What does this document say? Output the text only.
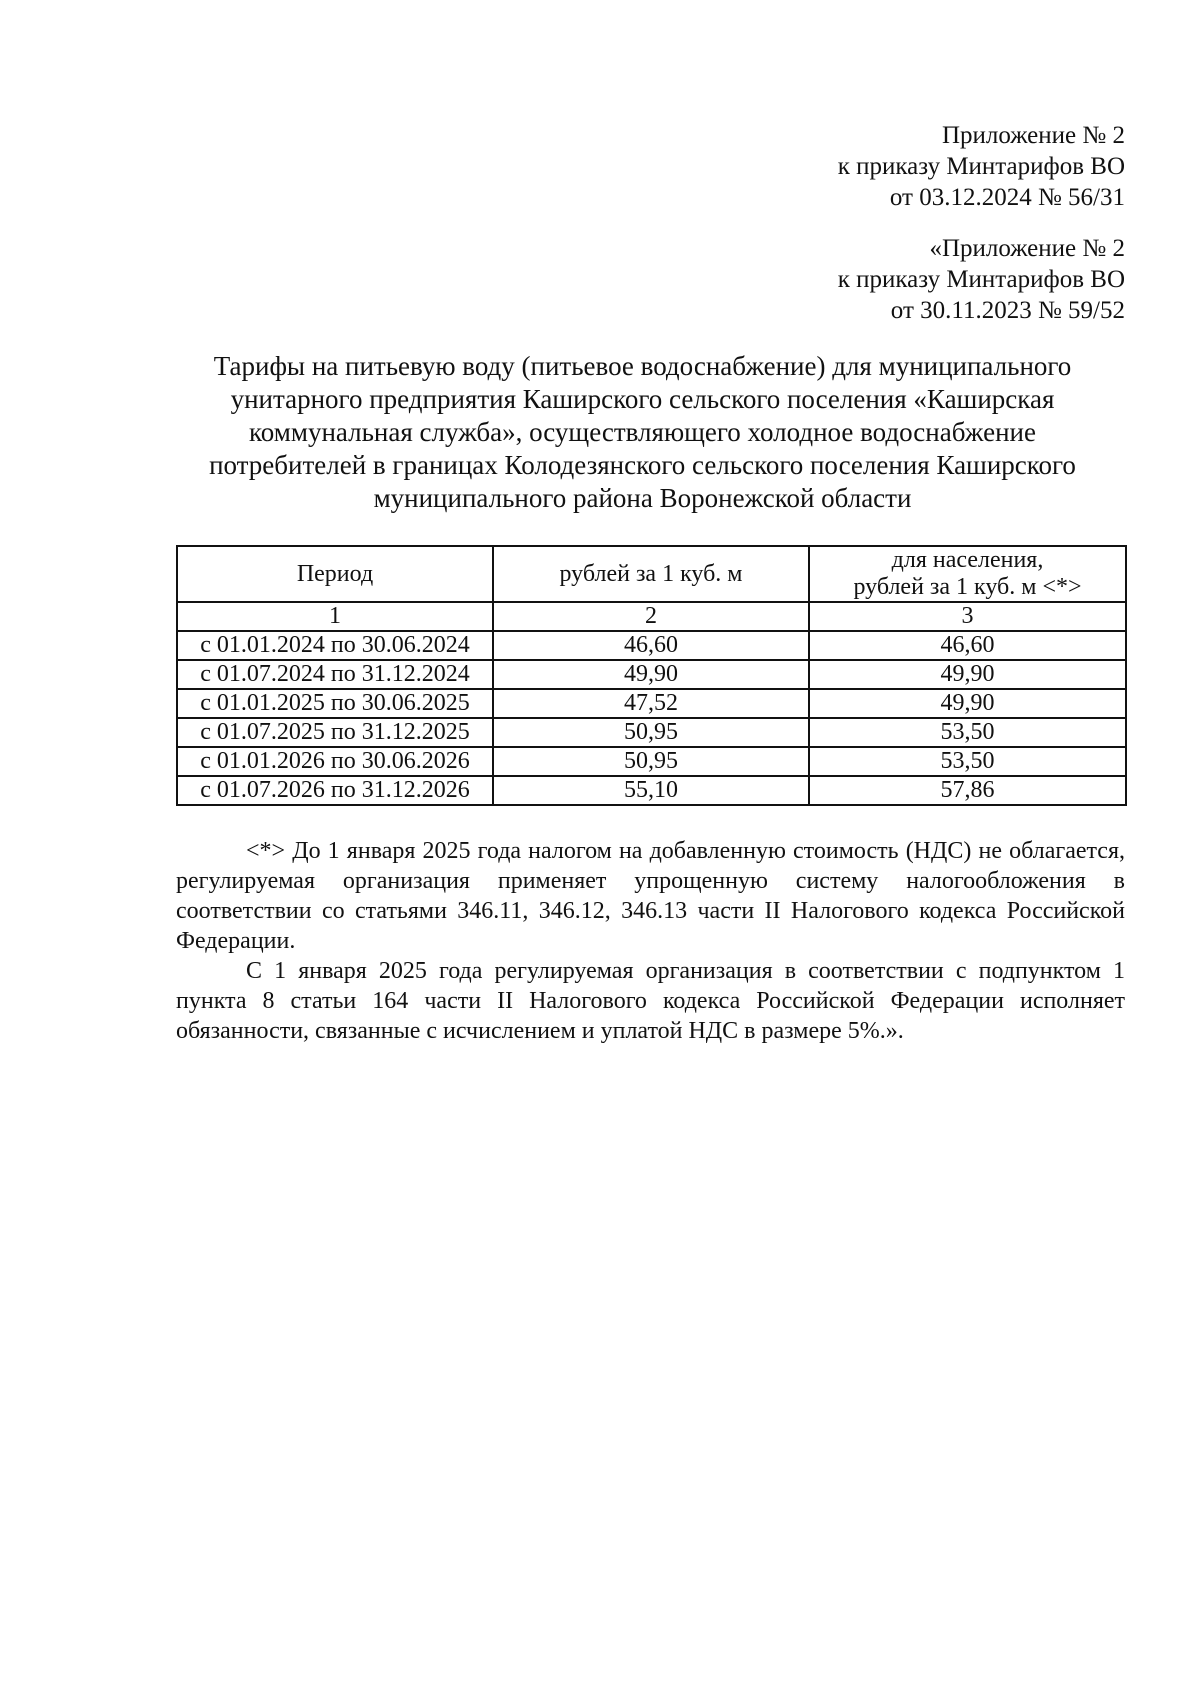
Приложение № 2
к приказу Минтарифов ВО
от 03.12.2024 № 56/31
«Приложение № 2
к приказу Минтарифов ВО
от 30.11.2023 № 59/52
Тарифы на питьевую воду (питьевое водоснабжение) для муниципального
унитарного предприятия Каширского сельского поселения «Каширская
коммунальная служба», осуществляющего холодное водоснабжение
потребителей в границах Колодезянского сельского поселения Каширского
муниципального района Воронежской области
Период	рублей за 1 куб. м	для населения,
рублей за 1 куб. м <*>

1	2	3
с 01.01.2024 по 30.06.2024	46,60	46,60
с 01.07.2024 по 31.12.2024	49,90	49,90
с 01.01.2025 по 30.06.2025	47,52	49,90
с 01.07.2025 по 31.12.2025	50,95	53,50
с 01.01.2026 по 30.06.2026	50,95	53,50
с 01.07.2026 по 31.12.2026	55,10	57,86

<*> До 1 января 2025 года налогом на добавленную стоимость (НДС) не облагается, регулируемая организация применяет упрощенную систему налогообложения в соответствии со статьями 346.11, 346.12, 346.13 части II Налогового кодекса Российской Федерации.

С 1 января 2025 года регулируемая организация в соответствии с подпунктом 1 пункта 8 статьи 164 части II Налогового кодекса Российской Федерации исполняет обязанности, связанные с исчислением и уплатой НДС в размере 5%.».
